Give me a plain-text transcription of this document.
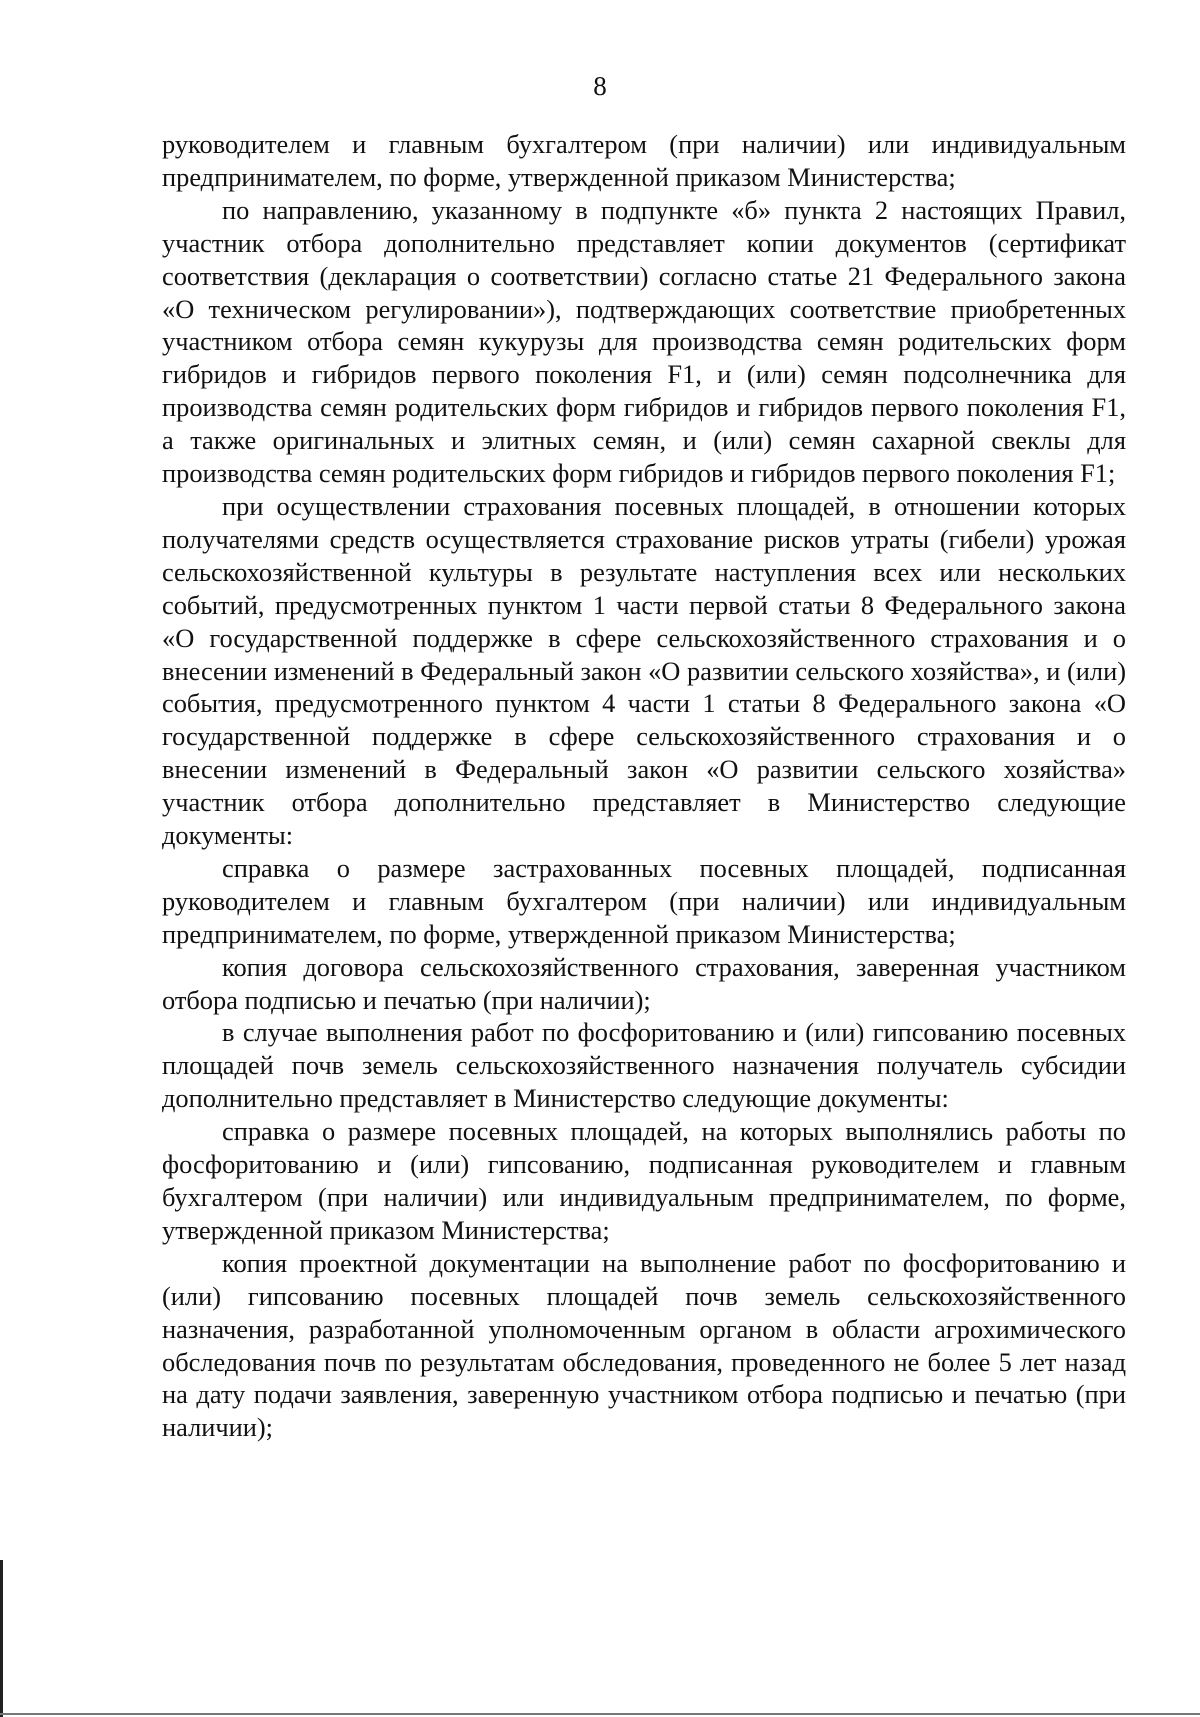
8

руководителем и главным бухгалтером (при наличии) или индивидуальным предпринимателем, по форме, утвержденной приказом Министерства;

по направлению, указанному в подпункте «б» пункта 2 настоящих Правил, участник отбора дополнительно представляет копии документов (сертификат соответствия (декларация о соответствии) согласно статье 21 Федерального закона «О техническом регулировании»), подтверждающих соответствие приобретенных участником отбора семян кукурузы для производства семян родительских форм гибридов и гибридов первого поколения F1, и (или) семян подсолнечника для производства семян родительских форм гибридов и гибридов первого поколения F1, а также оригинальных и элитных семян, и (или) семян сахарной свеклы для производства семян родительских форм гибридов и гибридов первого поколения F1;

при осуществлении страхования посевных площадей, в отношении которых получателями средств осуществляется страхование рисков утраты (гибели) урожая сельскохозяйственной культуры в результате наступления всех или нескольких событий, предусмотренных пунктом 1 части первой статьи 8 Федерального закона «О государственной поддержке в сфере сельскохозяйственного страхования и о внесении изменений в Федеральный закон «О развитии сельского хозяйства», и (или) события, предусмотренного пунктом 4 части 1 статьи 8 Федерального закона «О государственной поддержке в сфере сельскохозяйственного страхования и о внесении изменений в Федеральный закон «О развитии сельского хозяйства» участник отбора дополнительно представляет в Министерство следующие документы:

справка о размере застрахованных посевных площадей, подписанная руководителем и главным бухгалтером (при наличии) или индивидуальным предпринимателем, по форме, утвержденной приказом Министерства;

копия договора сельскохозяйственного страхования, заверенная участником отбора подписью и печатью (при наличии);

в случае выполнения работ по фосфоритованию и (или) гипсованию посевных площадей почв земель сельскохозяйственного назначения получатель субсидии дополнительно представляет в Министерство следующие документы:

справка о размере посевных площадей, на которых выполнялись работы по фосфоритованию и (или) гипсованию, подписанная руководителем и главным бухгалтером (при наличии) или индивидуальным предпринимателем, по форме, утвержденной приказом Министерства;

копия проектной документации на выполнение работ по фосфоритованию и (или) гипсованию посевных площадей почв земель сельскохозяйственного назначения, разработанной уполномоченным органом в области агрохимического обследования почв по результатам обследования, проведенного не более 5 лет назад на дату подачи заявления, заверенную участником отбора подписью и печатью (при наличии);
